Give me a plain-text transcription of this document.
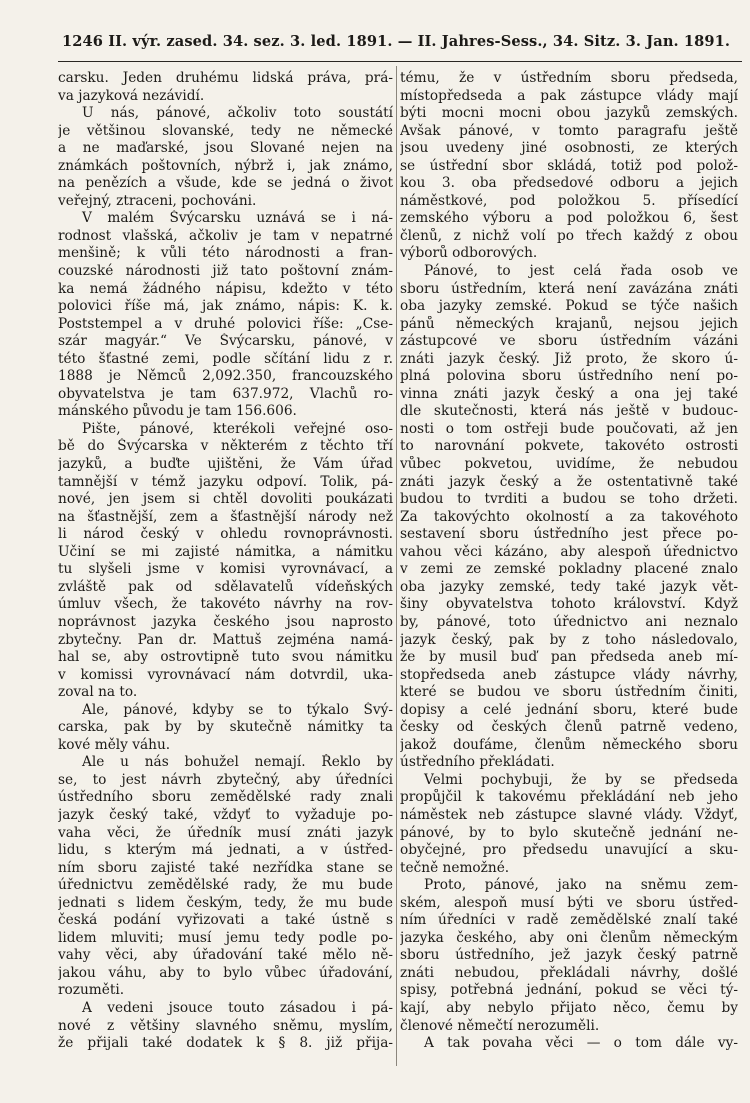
1246 II. výr. zased. 34. sez. 3. led. 1891. — II. Jahres-Sess., 34. Sitz. 3. Jan. 1891.
carsku. Jeden druhému lidská práva, prá-
va jazyková nezávidí.
U nás, pánové, ačkoliv toto soustátí
je většinou slovanské, tedy ne německé
a ne maďarské, jsou Slované nejen na
známkách poštovních, nýbrž i, jak známo,
na penězích a všude, kde se jedná o život
veřejný, ztraceni, pochováni.
V malém Švýcarsku uznává se i ná-
rodnost vlašská, ačkoliv je tam v nepatrné
menšině; k vůli této národnosti a fran-
couzské národnosti již tato poštovní znám-
ka nemá žádného nápisu, kdežto v této
polovici říše má, jak známo, nápis: K. k.
Poststempel a v druhé polovici říše: „Cse-
szár magyár.“ Ve Švýcarsku, pánové, v
této šťastné zemi, podle sčítání lidu z r.
1888 je Němců 2,092.350, francouzského
obyvatelstva je tam 637.972, Vlachů ro-
mánského původu je tam 156.606.
Pište, pánové, kterékoli veřejné oso-
bě do Švýcarska v některém z těchto tří
jazyků, a buďte ujištěni, že Vám úřad
tamnější v témž jazyku odpoví. Tolik, pá-
nové, jen jsem si chtěl dovoliti poukázati
na šťastnější, zem a šťastnější národy než
li národ český v ohledu rovnoprávnosti.
Učiní se mi zajisté námitka, a námitku
tu slyšeli jsme v komisi vyrovnávací, a
zvláště pak od sdělavatelů vídeňských
úmluv všech, že takovéto návrhy na rov-
noprávnost jazyka českého jsou naprosto
zbytečny. Pan dr. Mattuš zejména namá-
hal se, aby ostrovtipně tuto svou námitku
v komissi vyrovnávací nám dotvrdil, uka-
zoval na to.
Ale, pánové, kdyby se to týkalo Švý-
carska, pak by by skutečně námitky ta
kové měly váhu.
Ale u nás bohužel nemají. Řeklo by
se, to jest návrh zbytečný, aby úředníci
ústředního sboru zemědělské rady znali
jazyk český také, vždyť to vyžaduje po-
vaha věci, že úředník musí znáti jazyk
lidu, s kterým má jednati, a v ústřed-
ním sboru zajisté také nezřídka stane se
úřednictvu zemědělské rady, že mu bude
jednati s lidem českým, tedy, že mu bude
česká podání vyřizovati a také ústně s
lidem mluviti; musí jemu tedy podle po-
vahy věci, aby úřadování také mělo ně-
jakou váhu, aby to bylo vůbec úřadování,
rozuměti.
A vedeni jsouce touto zásadou i pá-
nové z většiny slavného sněmu, myslím,
že přijali také dodatek k § 8. již přija-
tému, že v ústředním sboru předseda,
místopředseda a pak zástupce vlády mají
býti mocni mocni obou jazyků zemských.
Avšak pánové, v tomto paragrafu ještě
jsou uvedeny jiné osobnosti, ze kterých
se ústřední sbor skládá, totiž pod polož-
kou 3. oba předsedové odboru a jejich
náměstkové, pod položkou 5. přísedící
zemského výboru a pod položkou 6, šest
členů, z nichž volí po třech každý z obou
výborů odborových.
Pánové, to jest celá řada osob ve
sboru ústředním, která není zavázána znáti
oba jazyky zemské. Pokud se týče našich
pánů německých krajanů, nejsou jejich
zástupcové ve sboru ústředním vázáni
znáti jazyk český. Již proto, že skoro ú-
plná polovina sboru ústředního není po-
vinna znáti jazyk český a ona jej také
dle skutečnosti, která nás ještě v budouc-
nosti o tom ostřeji bude poučovati, až jen
to narovnání pokvete, takovéto ostrosti
vůbec pokvetou, uvidíme, že nebudou
znáti jazyk český a že ostentativně také
budou to tvrditi a budou se toho držeti.
Za takovýchto okolností a za takovéhoto
sestavení sboru ústředního jest přece po-
vahou věci kázáno, aby alespoň úřednictvo
v zemi ze zemské pokladny placené znalo
oba jazyky zemské, tedy také jazyk vět-
šiny obyvatelstva tohoto království. Když
by, pánové, toto úřednictvo ani neznalo
jazyk český, pak by z toho následovalo,
že by musil buď pan předseda aneb mí-
stopředseda aneb zástupce vlády návrhy,
které se budou ve sboru ústředním činiti,
dopisy a celé jednání sboru, které bude
česky od českých členů patrně vedeno,
jakož doufáme, členům německého sboru
ústředního překládati.
Velmi pochybuji, že by se předseda
propůjčil k takovému překládání neb jeho
náměstek neb zástupce slavné vlády. Vždyť,
pánové, by to bylo skutečně jednání ne-
obyčejné, pro předsedu unavující a sku-
tečně nemožné.
Proto, pánové, jako na sněmu zem-
ském, alespoň musí býti ve sboru ústřed-
ním úředníci v radě zemědělské znalí také
jazyka českého, aby oni členům německým
sboru ústředního, jež jazyk český patrně
znáti nebudou, překládali návrhy, došlé
spisy, potřebná jednání, pokud se věci tý-
kají, aby nebylo přijato něco, čemu by
členové němečtí nerozuměli.
A tak povaha věci — o tom dále vy-
